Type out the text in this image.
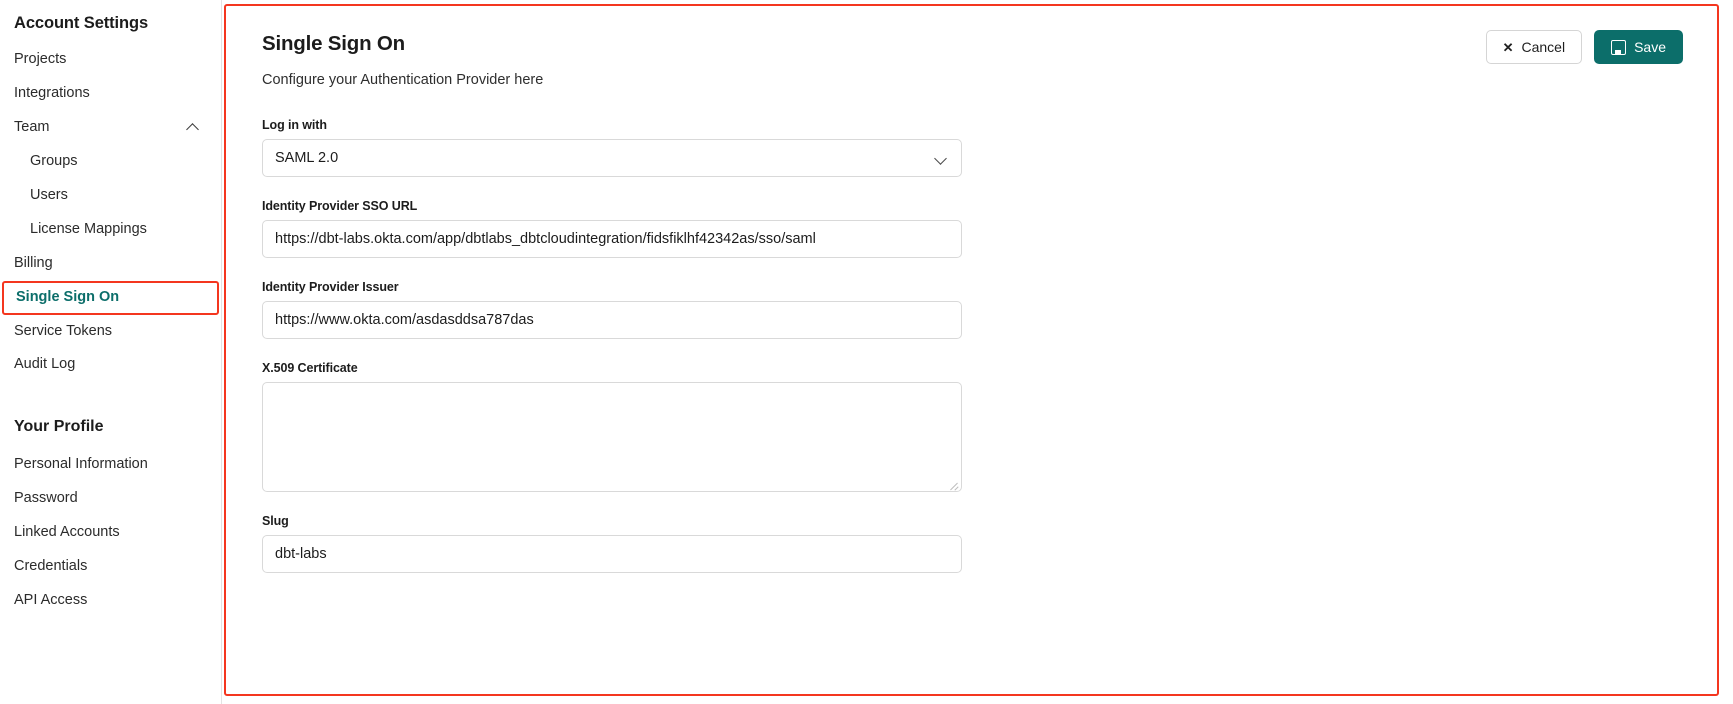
Account Settings
Projects
Integrations
Team
Groups
Users
License Mappings
Billing
Single Sign On
Service Tokens
Audit Log
Your Profile
Personal Information
Password
Linked Accounts
Credentials
API Access
✕ Cancel	Save
Single Sign On

Configure your Authentication Provider here

Log in with
SAML 2.0
Identity Provider SSO URL
https://dbt-labs.okta.com/app/dbtlabs_dbtcloudintegration/fidsfiklhf42342as/sso/saml
Identity Provider Issuer
https://www.okta.com/asdasddsa787das
X.509 Certificate
Slug
dbt-labs
